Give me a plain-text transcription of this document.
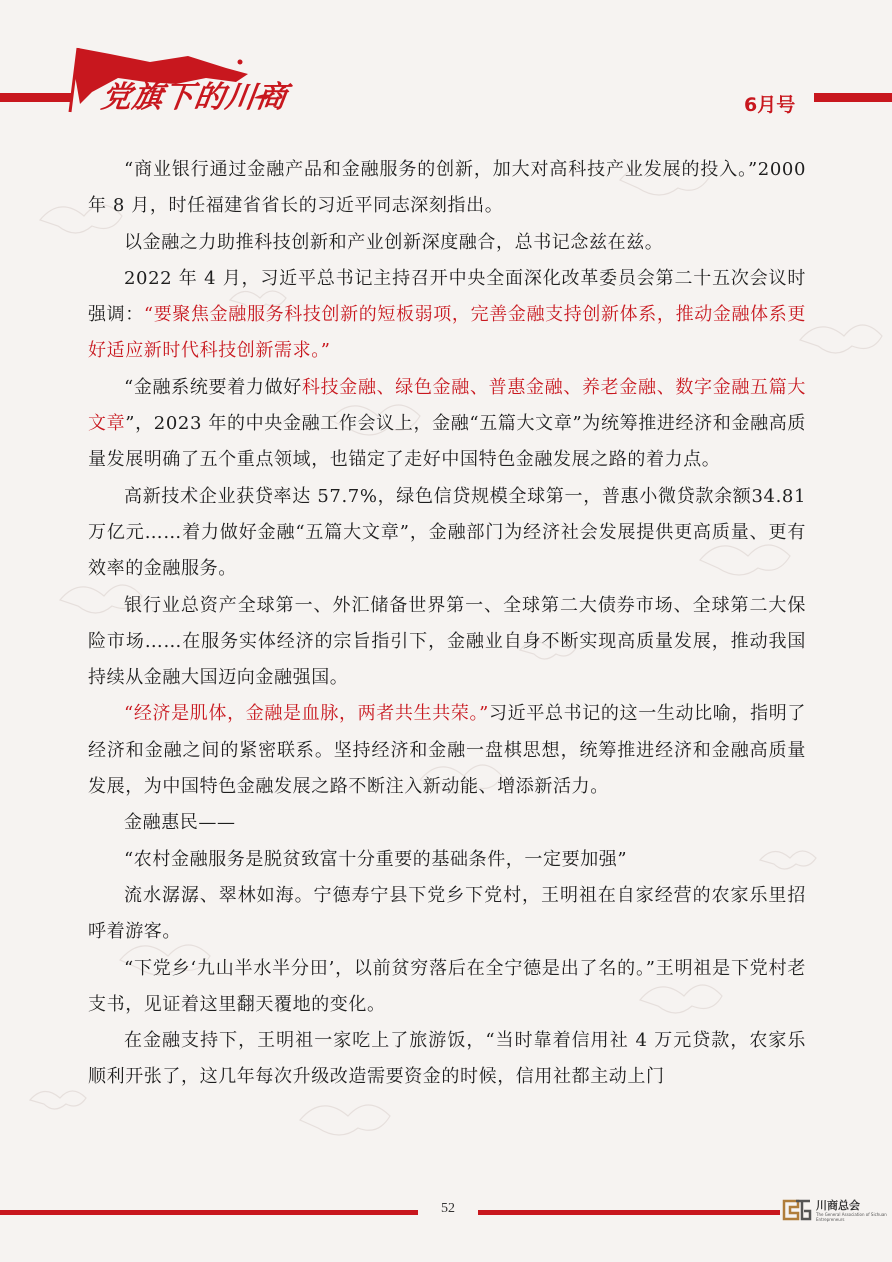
党旗下的川商	6月号

“商业银行通过金融产品和金融服务的创新，加大对高科技产业发展的投入。”2000 年 8 月，时任福建省省长的习近平同志深刻指出。

以金融之力助推科技创新和产业创新深度融合，总书记念兹在兹。

2022 年 4 月，习近平总书记主持召开中央全面深化改革委员会第二十五次会议时强调：“要聚焦金融服务科技创新的短板弱项，完善金融支持创新体系，推动金融体系更好适应新时代科技创新需求。”

“金融系统要着力做好科技金融、绿色金融、普惠金融、养老金融、数字金融五篇大文章”，2023 年的中央金融工作会议上，金融“五篇大文章”为统筹推进经济和金融高质量发展明确了五个重点领域，也锚定了走好中国特色金融发展之路的着力点。

高新技术企业获贷率达 57.7%，绿色信贷规模全球第一，普惠小微贷款余额34.81 万亿元……着力做好金融“五篇大文章”，金融部门为经济社会发展提供更高质量、更有效率的金融服务。

银行业总资产全球第一、外汇储备世界第一、全球第二大债券市场、全球第二大保险市场……在服务实体经济的宗旨指引下，金融业自身不断实现高质量发展，推动我国持续从金融大国迈向金融强国。

“经济是肌体，金融是血脉，两者共生共荣。”习近平总书记的这一生动比喻，指明了经济和金融之间的紧密联系。坚持经济和金融一盘棋思想，统筹推进经济和金融高质量发展，为中国特色金融发展之路不断注入新动能、增添新活力。

金融惠民——

“农村金融服务是脱贫致富十分重要的基础条件，一定要加强”

流水潺潺、翠林如海。宁德寿宁县下党乡下党村，王明祖在自家经营的农家乐里招呼着游客。

“下党乡‘九山半水半分田’，以前贫穷落后在全宁德是出了名的。”王明祖是下党村老支书，见证着这里翻天覆地的变化。

在金融支持下，王明祖一家吃上了旅游饭，“当时靠着信用社 4 万元贷款，农家乐顺利开张了，这几年每次升级改造需要资金的时候，信用社都主动上门

52	川商总会
The General Association of Sichuan Entrepreneurs
